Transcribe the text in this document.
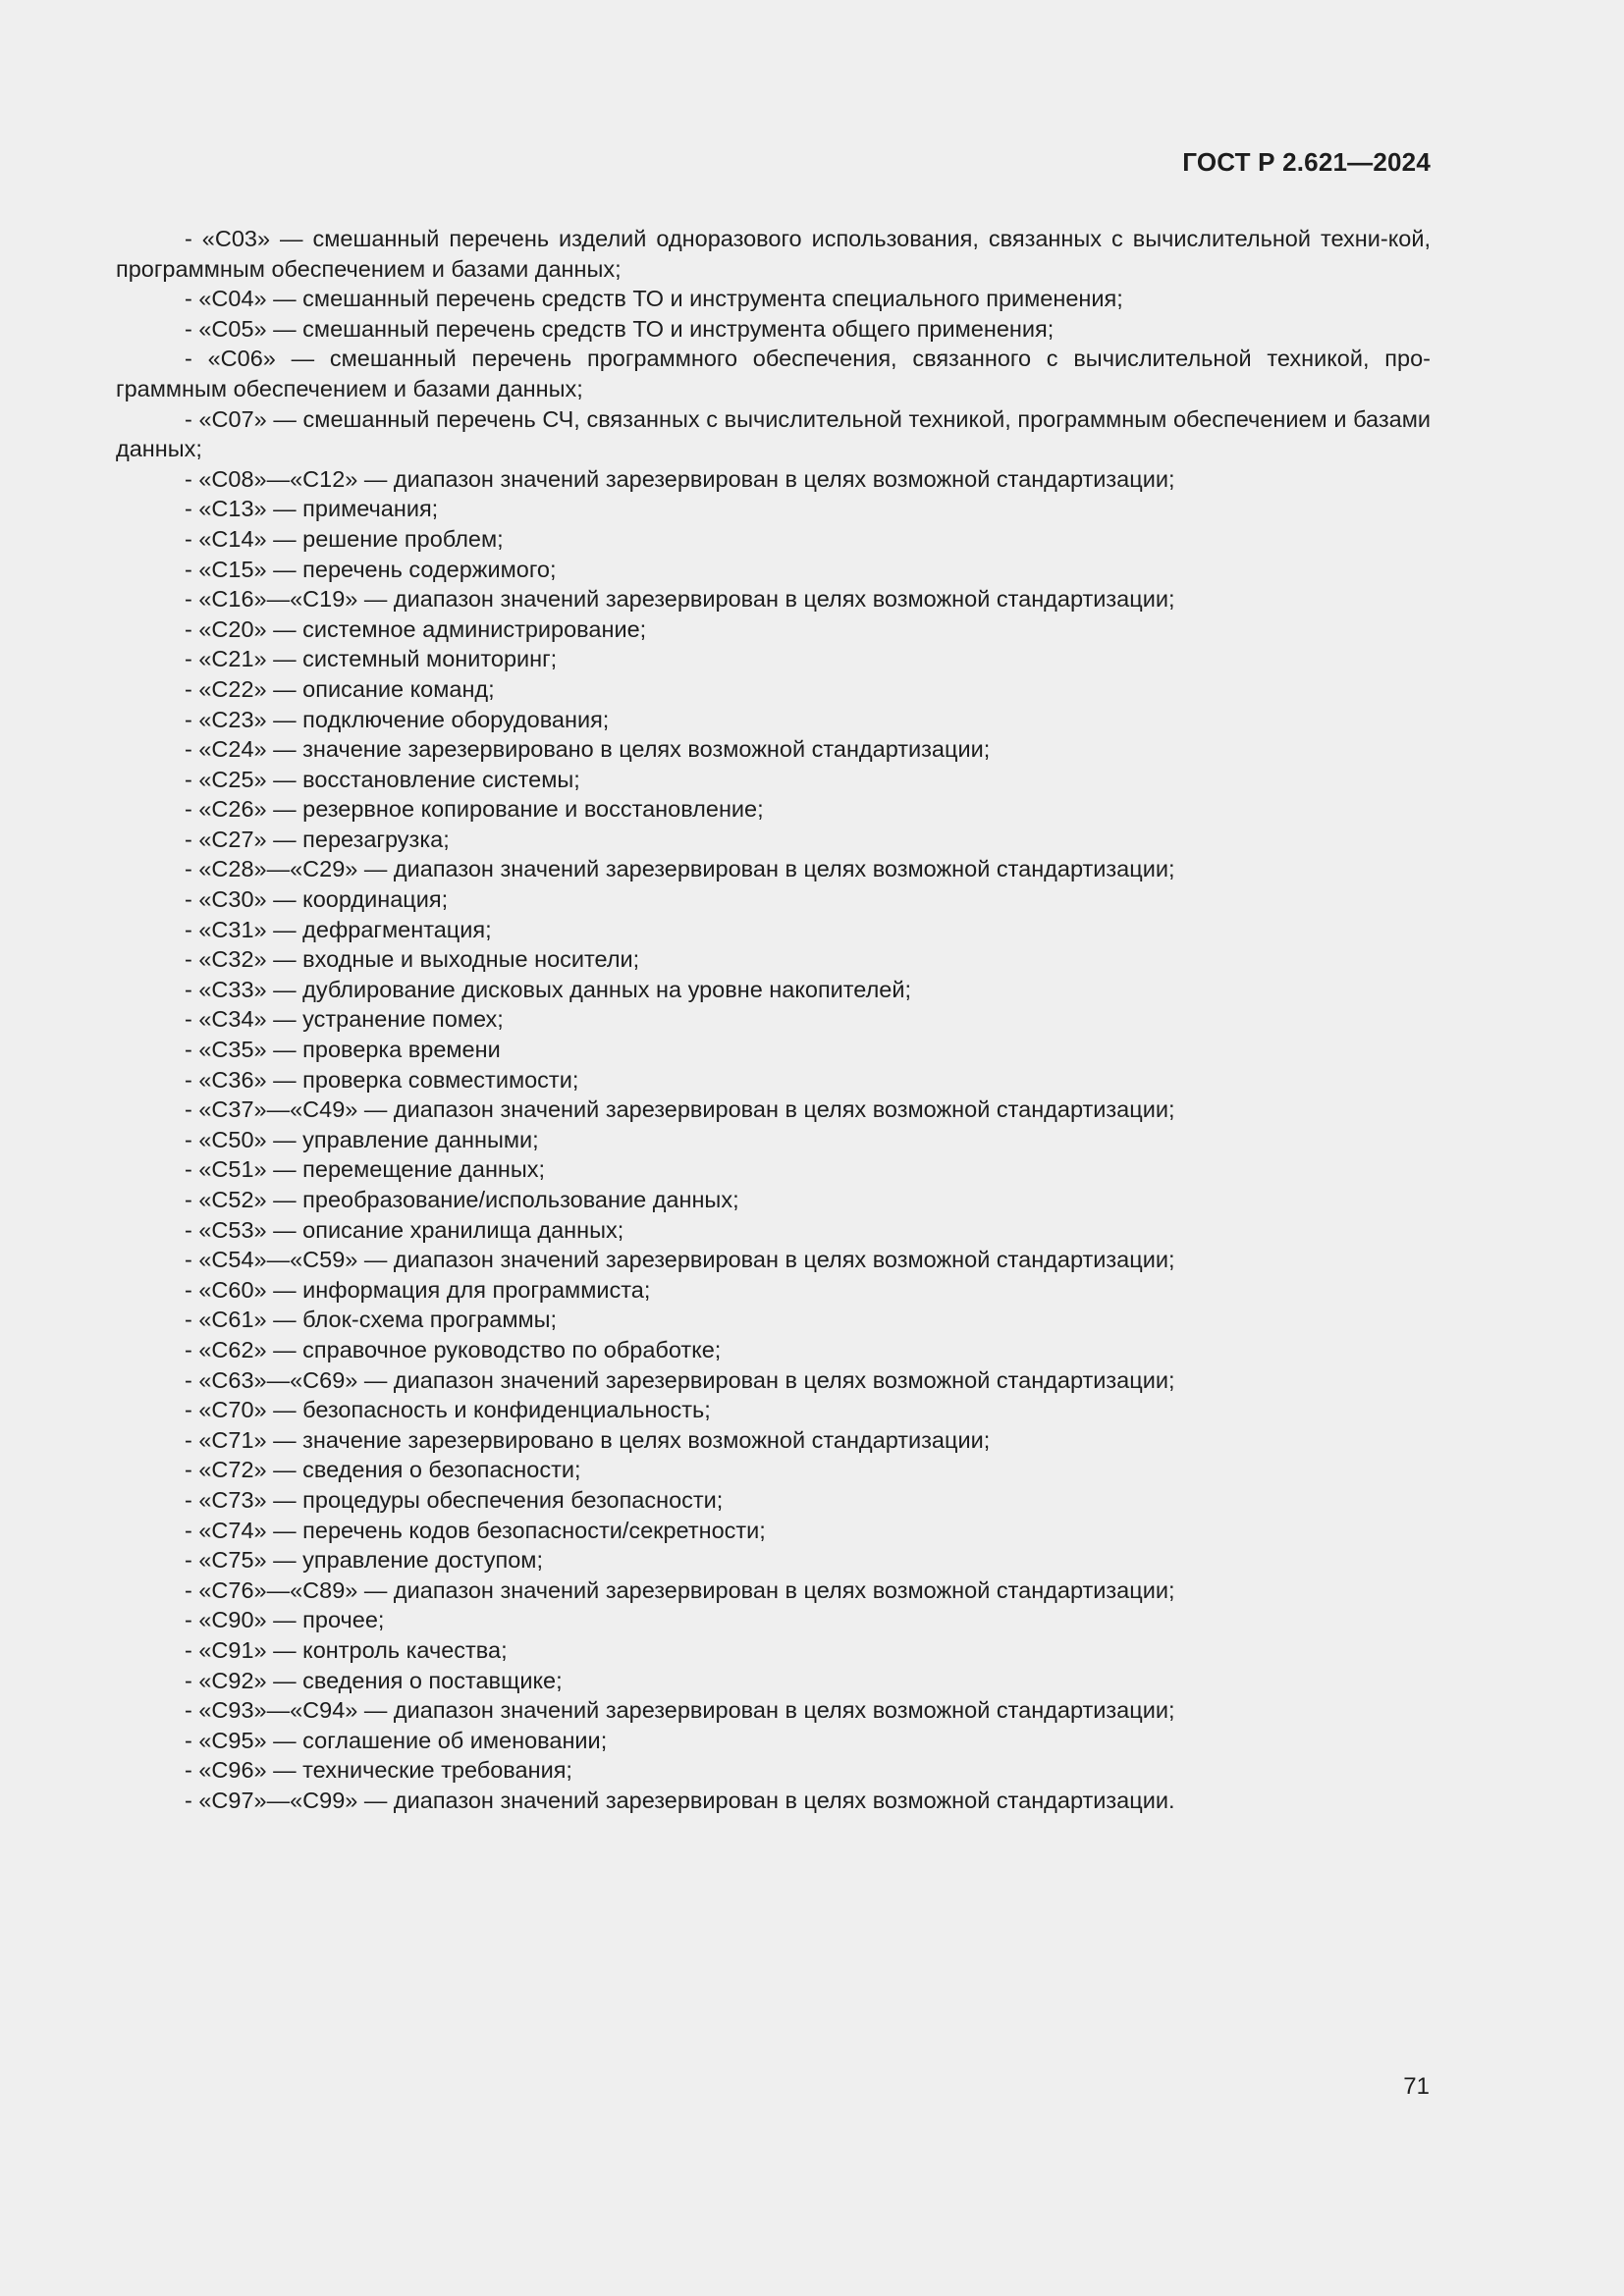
ГОСТ Р 2.621—2024

- «С03» — смешанный перечень изделий одноразового использования, связанных с вычислительной техни-кой, программным обеспечением и базами данных;

- «С04» — смешанный перечень средств ТО и инструмента специального применения;

- «С05» — смешанный перечень средств ТО и инструмента общего применения;

- «С06» — смешанный перечень программного обеспечения, связанного с вычислительной техникой, про-граммным обеспечением и базами данных;

- «С07» — смешанный перечень СЧ, связанных с вычислительной техникой, программным обеспечением и базами данных;

- «С08»—«С12» — диапазон значений зарезервирован в целях возможной стандартизации;

- «С13» — примечания;

- «С14» — решение проблем;

- «С15» — перечень содержимого;

- «С16»—«С19» — диапазон значений зарезервирован в целях возможной стандартизации;

- «С20» — системное администрирование;

- «С21» — системный мониторинг;

- «С22» — описание команд;

- «С23» — подключение оборудования;

- «С24» — значение зарезервировано в целях возможной стандартизации;

- «С25» — восстановление системы;

- «С26» — резервное копирование и восстановление;

- «С27» — перезагрузка;

- «С28»—«С29» — диапазон значений зарезервирован в целях возможной стандартизации;

- «С30» — координация;

- «С31» — дефрагментация;

- «С32» — входные и выходные носители;

- «С33» — дублирование дисковых данных на уровне накопителей;

- «С34» — устранение помех;

- «С35» — проверка времени

- «С36» — проверка совместимости;

- «С37»—«С49» — диапазон значений зарезервирован в целях возможной стандартизации;

- «С50» — управление данными;

- «С51» — перемещение данных;

- «С52» — преобразование/использование данных;

- «С53» — описание хранилища данных;

- «С54»—«С59» — диапазон значений зарезервирован в целях возможной стандартизации;

- «С60» — информация для программиста;

- «С61» — блок-схема программы;

- «С62» — справочное руководство по обработке;

- «С63»—«С69» — диапазон значений зарезервирован в целях возможной стандартизации;

- «С70» — безопасность и конфиденциальность;

- «С71» — значение зарезервировано в целях возможной стандартизации;

- «С72» — сведения о безопасности;

- «С73» — процедуры обеспечения безопасности;

- «С74» — перечень кодов безопасности/секретности;

- «С75» — управление доступом;

- «С76»—«С89» — диапазон значений зарезервирован в целях возможной стандартизации;

- «С90» — прочее;

- «С91» — контроль качества;

- «С92» — сведения о поставщике;

- «С93»—«С94» — диапазон значений зарезервирован в целях возможной стандартизации;

- «С95» — соглашение об именовании;

- «С96» — технические требования;

- «С97»—«С99» — диапазон значений зарезервирован в целях возможной стандартизации.

71
